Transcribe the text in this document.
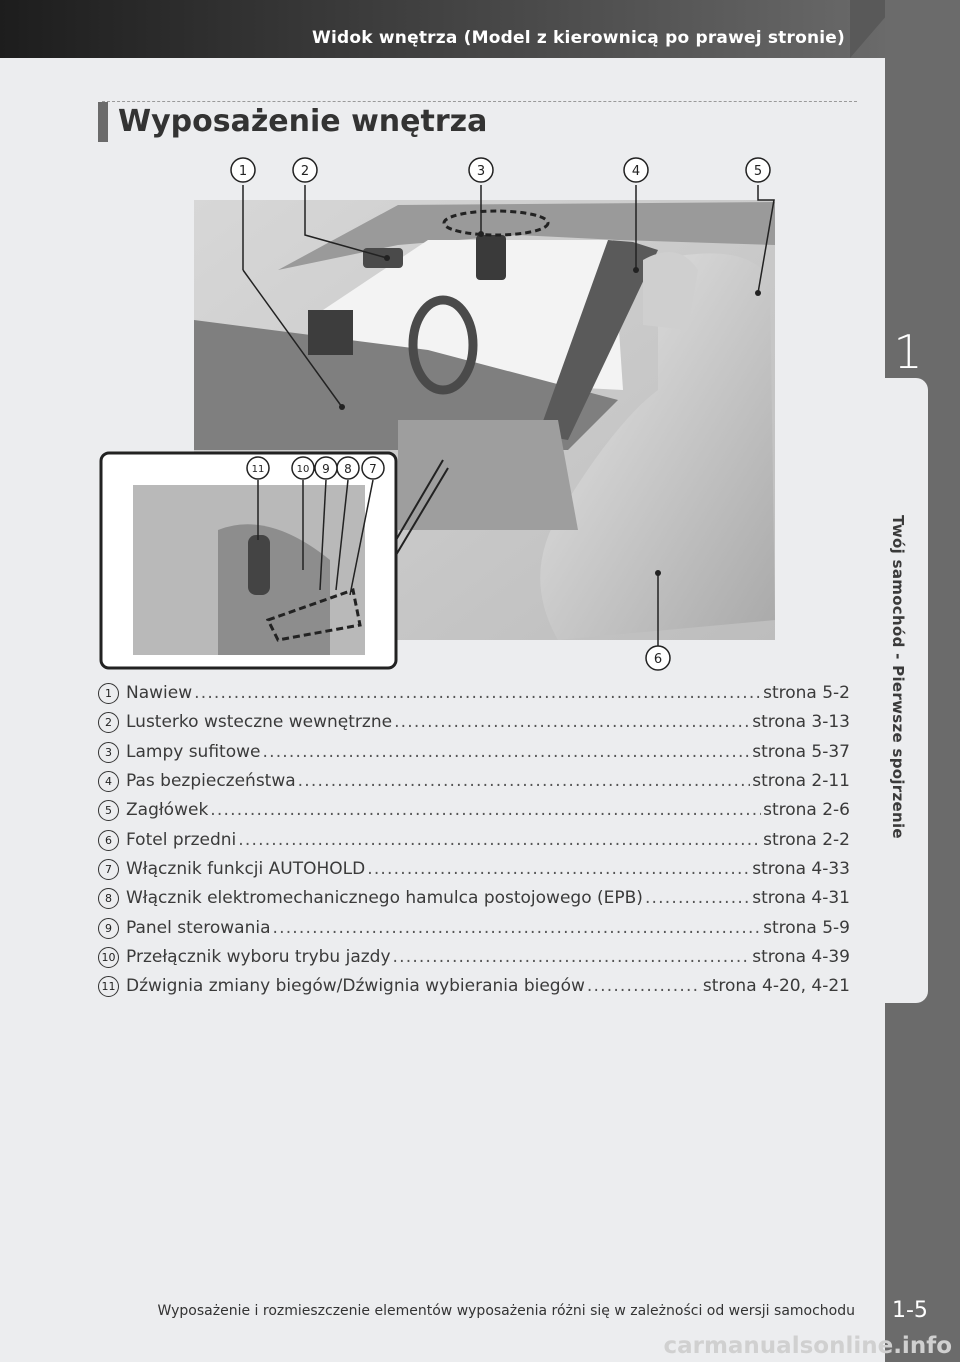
Widok wnętrza (Model z kierownicą po prawej stronie)
1
Twój samochód - Pierwsze spojrzenie
1-5
Wyposażenie wnętrza
1	2	3	4	5
6
7
8
9
10
11
1 Nawiew .....	strona 5-2
2 Lusterko wsteczne wewnętrzne .....	strona 3-13
3 Lampy sufitowe .....	strona 5-37
4 Pas bezpieczeństwa .....	strona 2-11
5 Zagłówek .....	strona 2-6
6 Fotel przedni .....	strona 2-2
7 Włącznik funkcji AUTOHOLD .....	strona 4-33
8 Włącznik elektromechanicznego hamulca postojowego (EPB) .....	strona 4-31
9 Panel sterowania .....	strona 5-9
10 Przełącznik wyboru trybu jazdy .....	strona 4-39
11 Dźwignia zmiany biegów/Dźwignia wybierania biegów .....	strona 4-20, 4-21
Wyposażenie i rozmieszczenie elementów wyposażenia różni się w zależności od wersji samochodu
carmanualsonline.info
